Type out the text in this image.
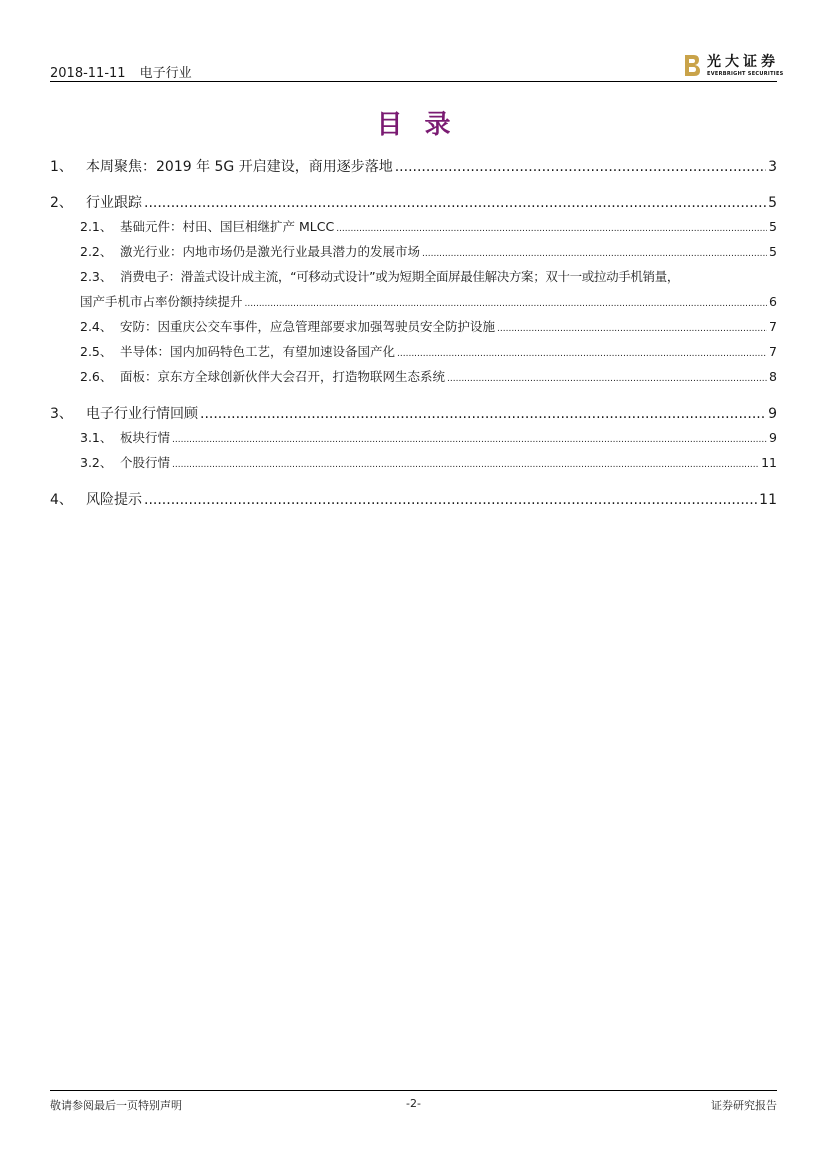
2018-11-11 电子行业
光大证券
EVERBRIGHT SECURITIES
目录
1、 本周聚焦：2019 年 5G 开启建设，商用逐步落地 .....	3
2、 行业跟踪 .....	5
2.1、 基础元件：村田、国巨相继扩产 MLCC .....	5
2.2、 激光行业：内地市场仍是激光行业最具潜力的发展市场 .....	5
2.3、 消费电子：滑盖式设计成主流，“可移动式设计”或为短期全面屏最佳解决方案；双十一或拉动手机销量，
国产手机市占率份额持续提升 .....	6
2.4、 安防：因重庆公交车事件，应急管理部要求加强驾驶员安全防护设施 .....	7
2.5、 半导体：国内加码特色工艺，有望加速设备国产化 .....	7
2.6、 面板：京东方全球创新伙伴大会召开，打造物联网生态系统 .....	8
3、 电子行业行情回顾 .....	9
3.1、 板块行情 .....	9
3.2、 个股行情 .....	11
4、 风险提示 .....	11
敬请参阅最后一页特别声明	-2-	证券研究报告
